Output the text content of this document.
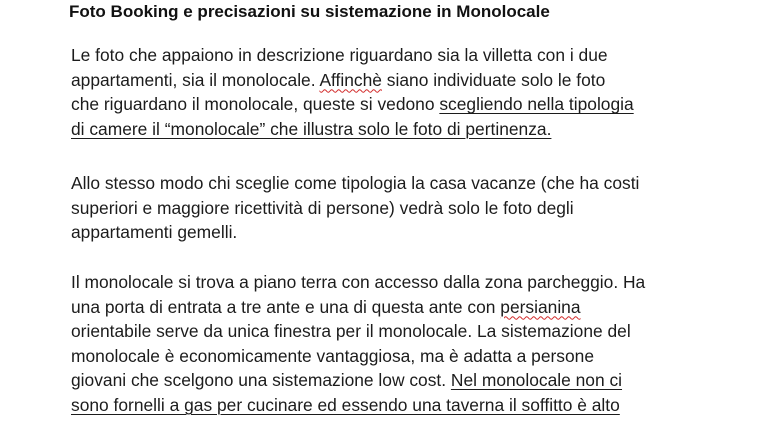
Foto Booking e precisazioni su sistemazione in Monolocale

Le foto che appaiono in descrizione riguardano sia la villetta con i due
appartamenti, sia il monolocale. Affinchè siano individuate solo le foto
che riguardano il monolocale, queste si vedono scegliendo nella tipologia
di camere il “monolocale” che illustra solo le foto di pertinenza.

Allo stesso modo chi sceglie come tipologia la casa vacanze (che ha costi
superiori e maggiore ricettività di persone) vedrà solo le foto degli
appartamenti gemelli.

Il monolocale si trova a piano terra con accesso dalla zona parcheggio. Ha
una porta di entrata a tre ante e una di questa ante con persianina
orientabile serve da unica finestra per il monolocale. La sistemazione del
monolocale è economicamente vantaggiosa, ma è adatta a persone
giovani che scelgono una sistemazione low cost. Nel monolocale non ci
sono fornelli a gas per cucinare ed essendo una taverna il soffitto è alto
